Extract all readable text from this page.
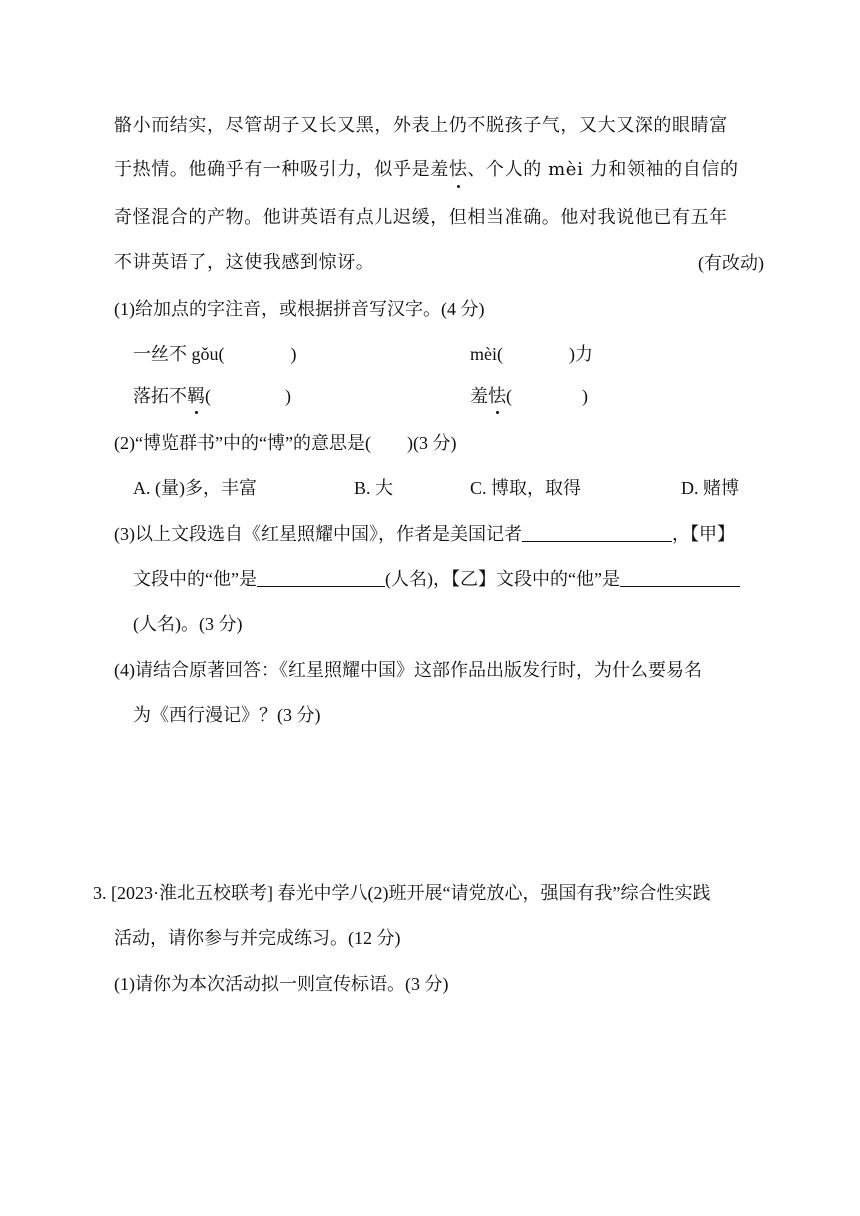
骼小而结实，尽管胡子又长又黑，外表上仍不脱孩子气，又大又深的眼睛富
于热情。他确乎有一种吸引力，似乎是羞怯、个人的 mèi 力和领袖的自信的
奇怪混合的产物。他讲英语有点儿迟缓，但相当准确。他对我说他已有五年
不讲英语了，这使我感到惊讶。	(有改动)
(1)给加点的字注音，或根据拼音写汉字。(4 分)
一丝不 gǒu(	)	mèi(	)力
落拓不羁(	)	羞怯(	)
(2)“博览群书”中的“博”的意思是( )(3 分)
A. (量)多，丰富	B. 大	C. 博取，取得	D. 赌博
(3)以上文段选自《红星照耀中国》，作者是美国记者	，【甲】
文段中的“他”是	(人名)，【乙】文段中的“他”是
(人名)。(3 分)
(4)请结合原著回答：《红星照耀中国》这部作品出版发行时，为什么要易名
为《西行漫记》？(3 分)
3. [2023·淮北五校联考] 春光中学八(2)班开展“请党放心，强国有我”综合性实践
活动，请你参与并完成练习。(12 分)
(1)请你为本次活动拟一则宣传标语。(3 分)
